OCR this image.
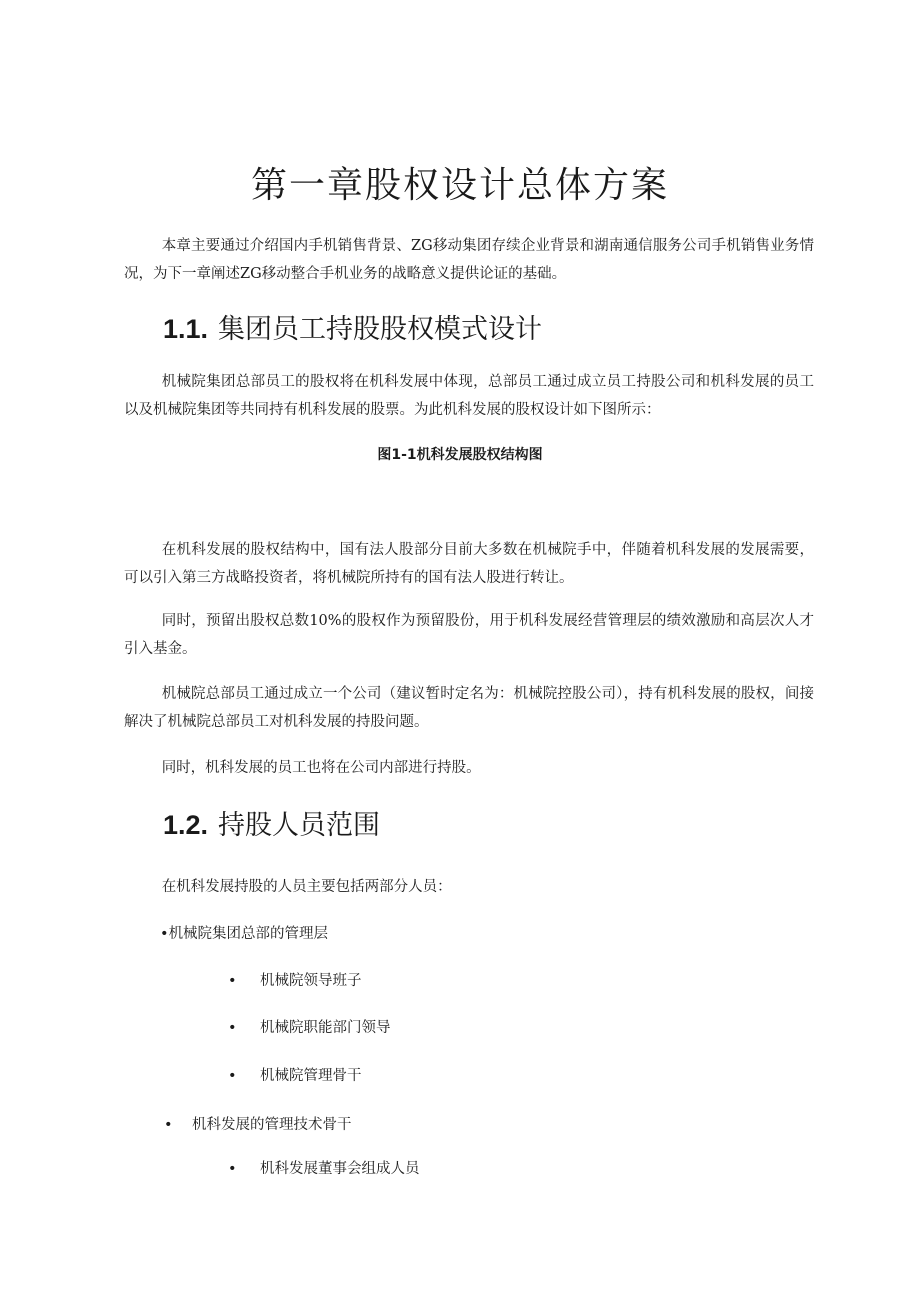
第一章股权设计总体方案

本章主要通过介绍国内手机销售背景、ZG移动集团存续企业背景和湖南通信服务公司手机销售业务情况，为下一章阐述ZG移动整合手机业务的战略意义提供论证的基础。

1.1. 集团员工持股股权模式设计

机械院集团总部员工的股权将在机科发展中体现，总部员工通过成立员工持股公司和机科发展的员工以及机械院集团等共同持有机科发展的股票。为此机科发展的股权设计如下图所示：

图1-1机科发展股权结构图

在机科发展的股权结构中，国有法人股部分目前大多数在机械院手中，伴随着机科发展的发展需要，可以引入第三方战略投资者，将机械院所持有的国有法人股进行转让。

同时，预留出股权总数10%的股权作为预留股份，用于机科发展经营管理层的绩效激励和高层次人才引入基金。

机械院总部员工通过成立一个公司（建议暂时定名为：机械院控股公司），持有机科发展的股权，间接解决了机械院总部员工对机科发展的持股问题。

同时，机科发展的员工也将在公司内部进行持股。

1.2. 持股人员范围

在机科发展持股的人员主要包括两部分人员：

•机械院集团总部的管理层

• 机械院领导班子

• 机械院职能部门领导

• 机械院管理骨干

• 机科发展的管理技术骨干

• 机科发展董事会组成人员
